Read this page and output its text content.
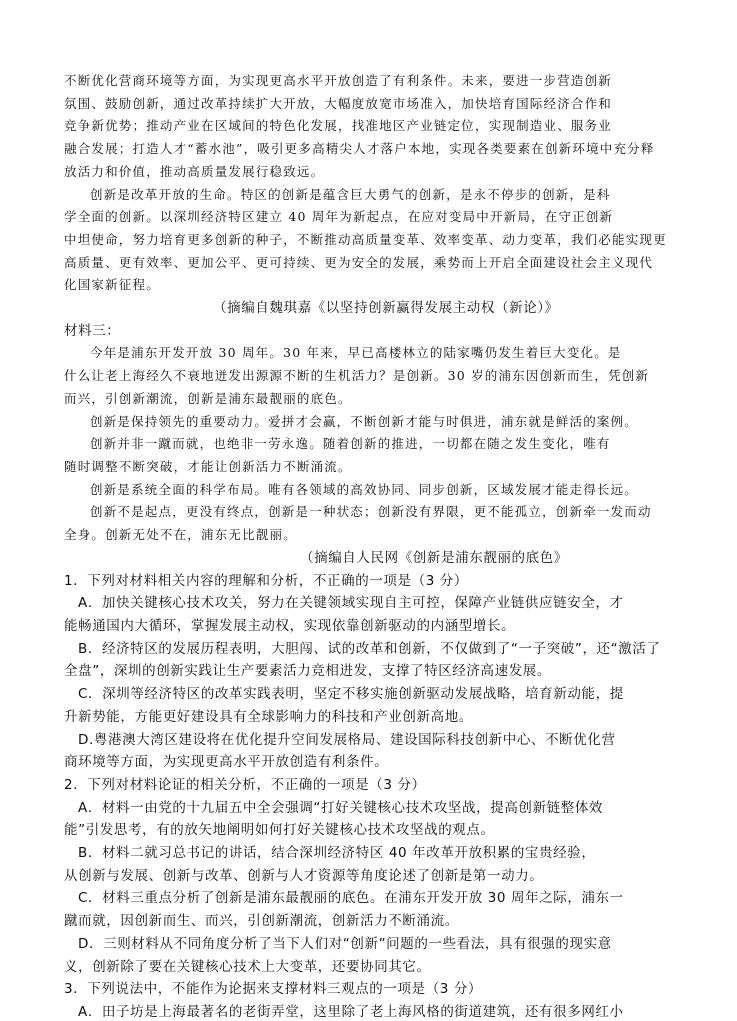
不断优化营商环境等方面，为实现更高水平开放创造了有利条件。未来，要进一步营造创新
氛围、鼓励创新，通过改革持续扩大开放，大幅度放宽市场准入，加快培育国际经济合作和
竞争新优势；推动产业在区域间的特色化发展，找准地区产业链定位，实现制造业、服务业
融合发展；打造人才“蓄水池”，吸引更多高精尖人才落户本地，实现各类要素在创新环境中充分释
放活力和价值，推动高质量发展行稳致远。
创新是改革开放的生命。特区的创新是蕴含巨大勇气的创新，是永不停步的创新，是科
学全面的创新。以深圳经济特区建立 40 周年为新起点，在应对变局中开新局，在守正创新
中坦使命，努力培育更多创新的种子，不断推动高质量变革、效率变革、动力变革，我们必能实现更
高质量、更有效率、更加公平、更可持续、更为安全的发展，乘势而上开启全面建设社会主义现代
化国家新征程。
（摘编自魏琪嘉《以坚持创新赢得发展主动权（新论）》
材料三：
今年是浦东开发开放 30 周年。30 年来，早已高楼林立的陆家嘴仍发生着巨大变化。是
什么让老上海经久不衰地迸发出源源不断的生机活力？是创新。30 岁的浦东因创新而生，凭创新
而兴，引创新潮流，创新是浦东最靓丽的底色。
创新是保持领先的重要动力。爱拼才会赢，不断创新才能与时俱进，浦东就是鲜活的案例。
创新并非一蹴而就，也绝非一劳永逸。随着创新的推进，一切都在随之发生变化，唯有
随时调整不断突破，才能让创新活力不断涌流。
创新是系统全面的科学布局。唯有各领域的高效协同、同步创新，区域发展才能走得长远。
创新不是起点，更没有终点，创新是一种状态；创新没有界限，更不能孤立，创新牵一发而动
全身。创新无处不在，浦东无比靓丽。
（摘编自人民网《创新是浦东靓丽的底色》
1．下列对材料相关内容的理解和分析，不正确的一项是（3 分）
A．加快关键核心技术攻关，努力在关键领域实现自主可控，保障产业链供应链安全，才
能畅通国内大循环，掌握发展主动权，实现依靠创新驱动的内涵型增长。
B．经济特区的发展历程表明，大胆闯、试的改革和创新，不仅做到了“一子突破”，还“激活了
全盘”，深圳的创新实践让生产要素活力竞相进发，支撑了特区经济高速发展。
C．深圳等经济特区的改革实践表明，坚定不移实施创新驱动发展战略，培育新动能，提
升新势能，方能更好建设具有全球影响力的科技和产业创新高地。
D.粤港澳大湾区建设将在优化提升空间发展格局、建设国际科技创新中心、不断优化营
商环境等方面，为实现更高水平开放创造有利条件。
2．下列对材料论证的相关分析，不正确的一项是（3 分）
A．材料一由党的十九届五中全会强调“打好关键核心技术攻坚战，提高创新链整体效
能”引发思考，有的放矢地阐明如何打好关键核心技术攻坚战的观点。
B．材料二就习总书记的讲话，结合深圳经济特区 40 年改革开放积累的宝贵经验，
从创新与发展、创新与改革、创新与人才资源等角度论述了创新是第一动力。
C．材料三重点分析了创新是浦东最靓丽的底色。在浦东开发开放 30 周年之际，浦东一
蹴而就，因创新而生、而兴，引创新潮流，创新活力不断涌流。
D．三则材料从不同角度分析了当下人们对“创新”问题的一些看法，具有很强的现实意
义，创新除了要在关键核心技术上大变革，还要协同其它。
3．下列说法中，不能作为论据来支撑材料三观点的一项是（3 分）
A．田子坊是上海最著名的老街弄堂，这里除了老上海风格的街道建筑，还有很多网红小
